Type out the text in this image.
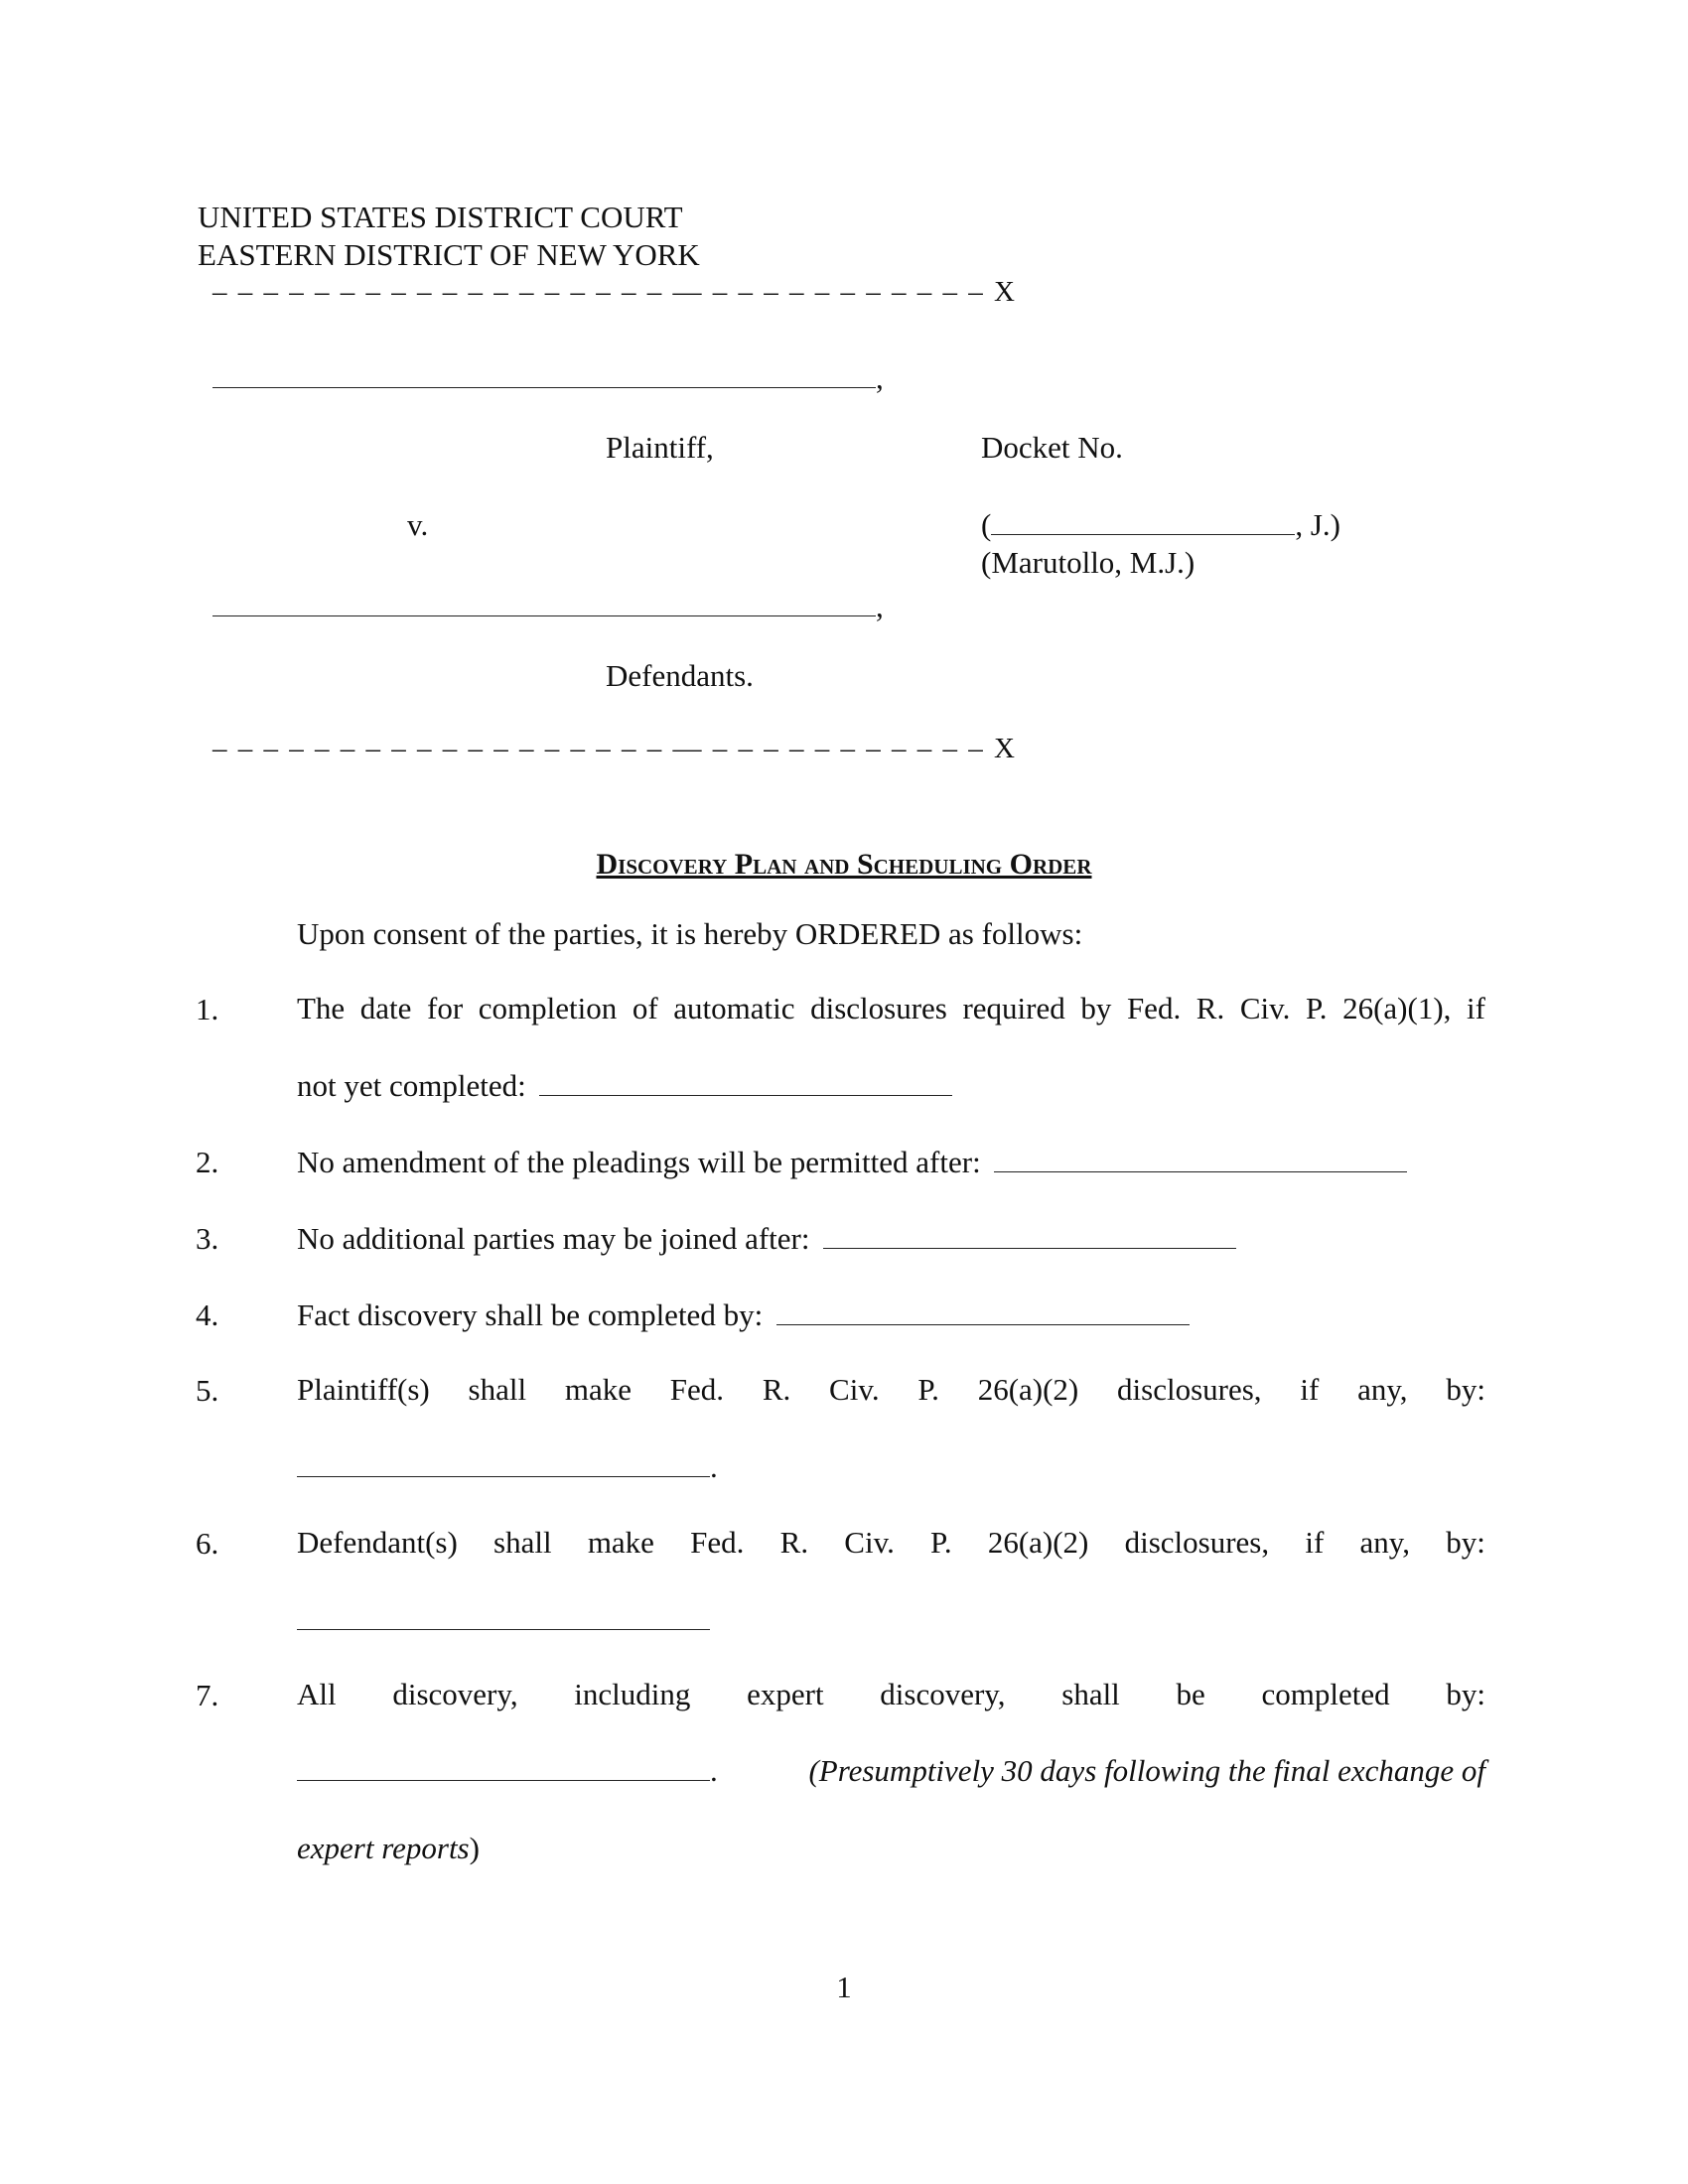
UNITED STATES DISTRICT COURT
EASTERN DISTRICT OF NEW YORK
– – – – – – – – – – – – – – – – – – — – – – – – – – – – – – X
,
Plaintiff,
v.
,
Defendants.
– – – – – – – – – – – – – – – – – – — – – – – – – – – – – – X
Docket No.
(	, J.)
(Marutollo, M.J.)
Discovery Plan and Scheduling Order
Upon consent of the parties, it is hereby ORDERED as follows:
1.	The date for completion of automatic disclosures required by Fed. R. Civ. P. 26(a)(1), if
not yet completed:
2.	No amendment of the pleadings will be permitted after:
3.	No additional parties may be joined after:
4.	Fact discovery shall be completed by:
5.	Plaintiff(s) shall make Fed. R. Civ. P. 26(a)(2) disclosures, if any, by:
.
6.	Defendant(s) shall make Fed. R. Civ. P. 26(a)(2) disclosures, if any, by:
7.	All discovery, including expert discovery, shall be completed by:
.	(Presumptively 30 days following the final exchange of
expert reports)
1
